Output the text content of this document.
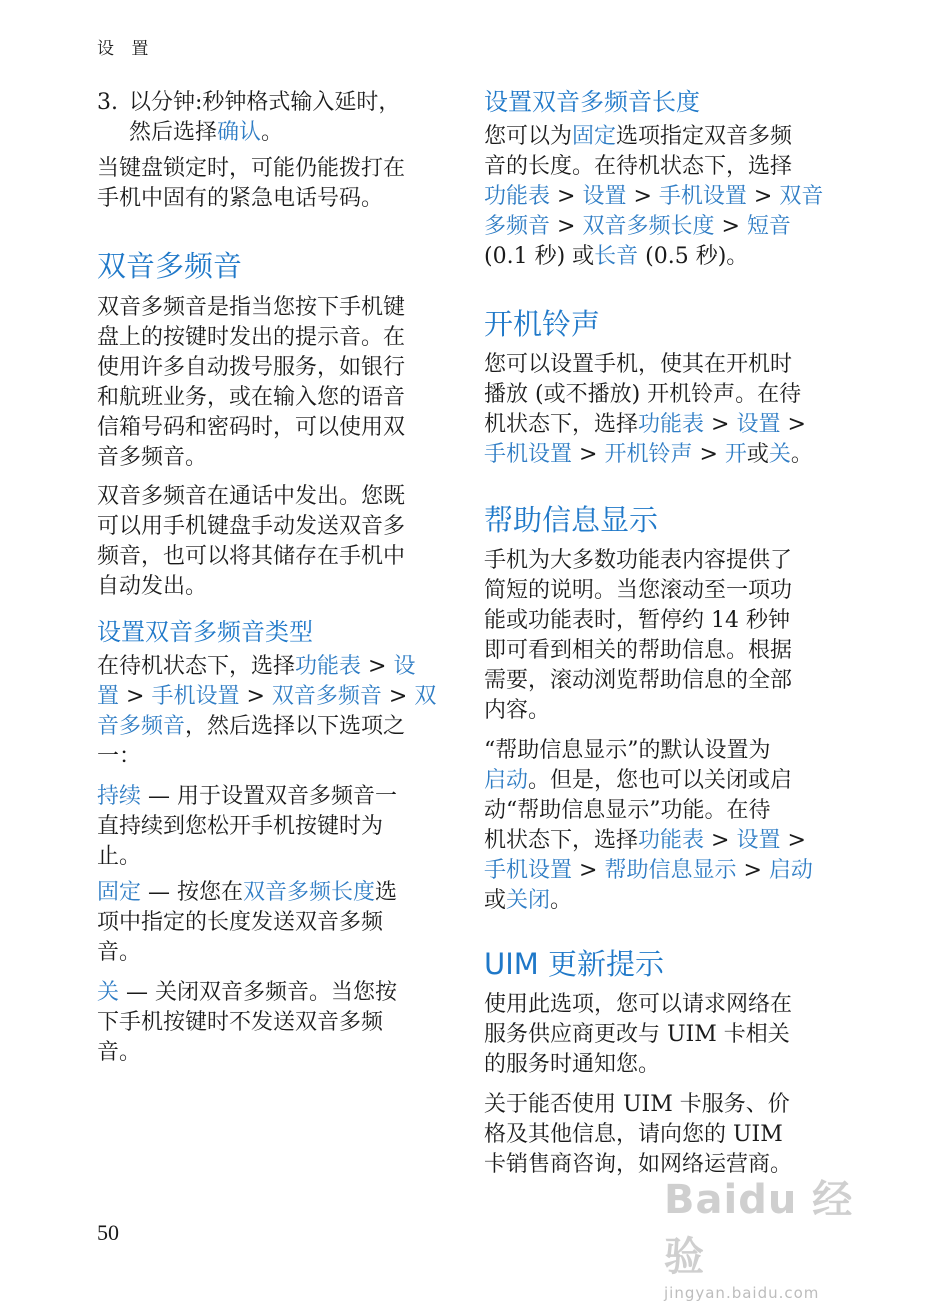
设 置

3. 以分钟:秒钟格式输入延时，

然后选择确认。

当键盘锁定时，可能仍能拨打在

手机中固有的紧急电话号码。

双音多频音

双音多频音是指当您按下手机键

盘上的按键时发出的提示音。在

使用许多自动拨号服务，如银行

和航班业务，或在输入您的语音

信箱号码和密码时，可以使用双

音多频音。

双音多频音在通话中发出。您既

可以用手机键盘手动发送双音多

频音，也可以将其储存在手机中

自动发出。

设置双音多频音类型

在待机状态下，选择功能表 > 设

置 > 手机设置 > 双音多频音 > 双

音多频音，然后选择以下选项之

一：

持续 — 用于设置双音多频音一

直持续到您松开手机按键时为

止。

固定 — 按您在双音多频长度选

项中指定的长度发送双音多频

音。

关 — 关闭双音多频音。当您按

下手机按键时不发送双音多频

音。

设置双音多频音长度

您可以为固定选项指定双音多频

音的长度。在待机状态下，选择

功能表 > 设置 > 手机设置 > 双音

多频音 > 双音多频长度 > 短音

(0.1 秒) 或长音 (0.5 秒)。

开机铃声

您可以设置手机，使其在开机时

播放 (或不播放) 开机铃声。在待

机状态下，选择功能表 > 设置 >

手机设置 > 开机铃声 > 开或关。

帮助信息显示

手机为大多数功能表内容提供了

简短的说明。当您滚动至一项功

能或功能表时，暂停约 14 秒钟

即可看到相关的帮助信息。根据

需要，滚动浏览帮助信息的全部

内容。

“帮助信息显示”的默认设置为

启动。但是，您也可以关闭或启

动“帮助信息显示”功能。在待

机状态下，选择功能表 > 设置 >

手机设置 > 帮助信息显示 > 启动

或关闭。

UIM 更新提示

使用此选项，您可以请求网络在

服务供应商更改与 UIM 卡相关

的服务时通知您。

关于能否使用 UIM 卡服务、价

格及其他信息，请向您的 UIM

卡销售商咨询，如网络运营商。

50
Baidu 经验
jingyan.baidu.com
